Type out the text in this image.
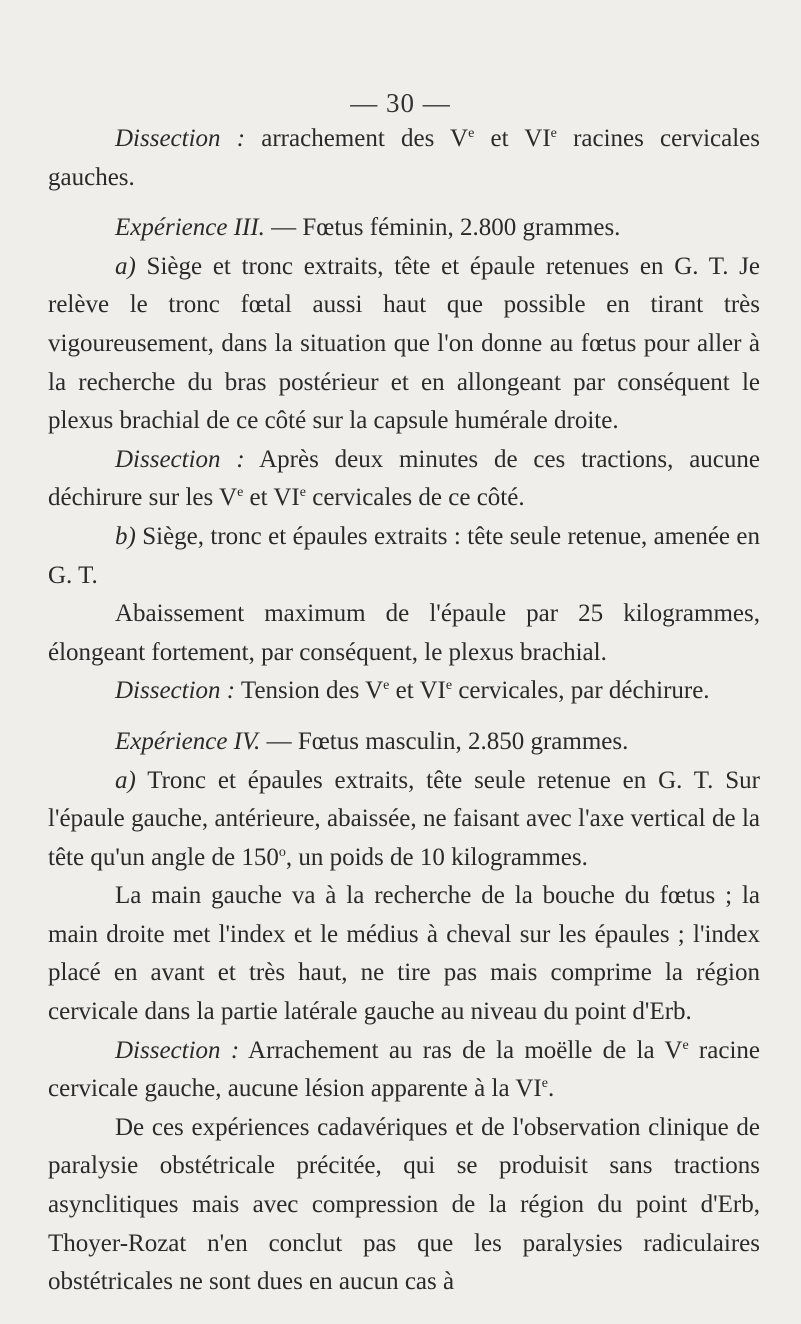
— 30 —

Dissection : arrachement des Ve et VIe racines cervicales gauches.

Expérience III. — Fœtus féminin, 2.800 grammes.

a) Siège et tronc extraits, tête et épaule retenues en G. T. Je relève le tronc fœtal aussi haut que possible en tirant très vigoureusement, dans la situation que l'on donne au fœtus pour aller à la recherche du bras postérieur et en allongeant par conséquent le plexus brachial de ce côté sur la capsule humérale droite.

Dissection : Après deux minutes de ces tractions, aucune déchirure sur les Ve et VIe cervicales de ce côté.

b) Siège, tronc et épaules extraits : tête seule retenue, amenée en G. T.

Abaissement maximum de l'épaule par 25 kilogrammes, élongeant fortement, par conséquent, le plexus brachial.

Dissection : Tension des Ve et VIe cervicales, par déchirure.

Expérience IV. — Fœtus masculin, 2.850 grammes.

a) Tronc et épaules extraits, tête seule retenue en G. T. Sur l'épaule gauche, antérieure, abaissée, ne faisant avec l'axe vertical de la tête qu'un angle de 150$^o$, un poids de 10 kilogrammes.

La main gauche va à la recherche de la bouche du fœtus ; la main droite met l'index et le médius à cheval sur les épaules ; l'index placé en avant et très haut, ne tire pas mais comprime la région cervicale dans la partie latérale gauche au niveau du point d'Erb.

Dissection : Arrachement au ras de la moëlle de la Ve racine cervicale gauche, aucune lésion apparente à la VIe.

De ces expériences cadavériques et de l'observation clinique de paralysie obstétricale précitée, qui se produisit sans tractions asynclitiques mais avec compression de la région du point d'Erb, Thoyer-Rozat n'en conclut pas que les paralysies radiculaires obstétricales ne sont dues en aucun cas à
